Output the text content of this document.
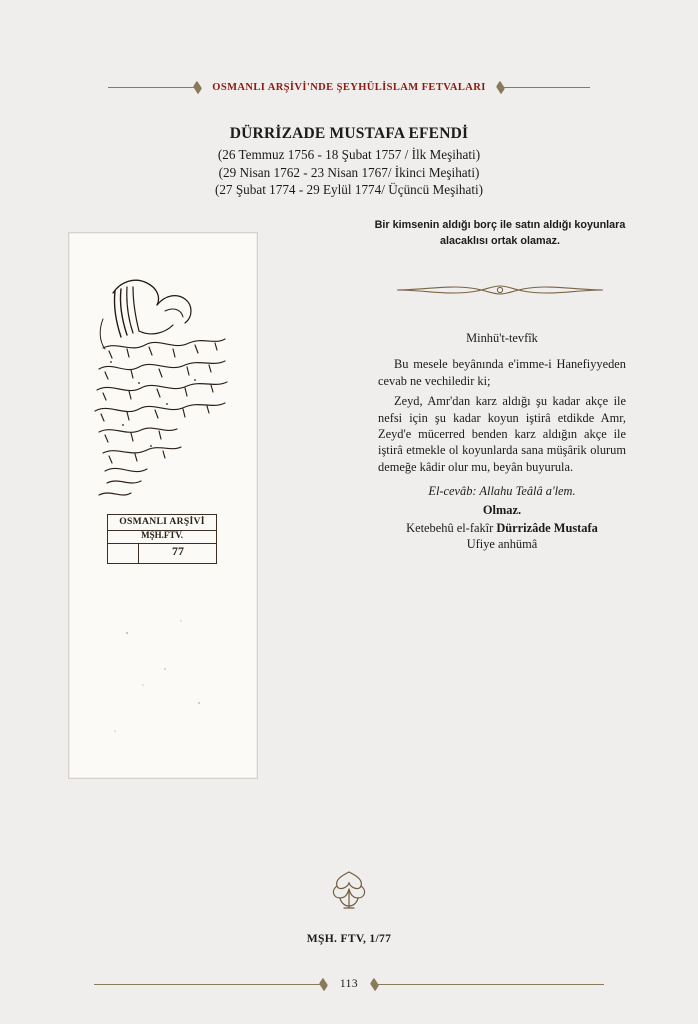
OSMANLI ARŞİVİ'NDE ŞEYHÜLİSLAM FETVALARI
DÜRRİZADE MUSTAFA EFENDİ
(26 Temmuz 1756 - 18 Şubat 1757 / İlk Meşihati)
(29 Nisan 1762 - 23 Nisan 1767/ İkinci Meşihati)
(27 Şubat 1774 - 29 Eylül 1774/ Üçüncü Meşihati)
Bir kimsenin aldığı borç ile satın aldığı koyunlara alacaklısı ortak olamaz.

Minhü't-tevfîk

Bu mesele beyânında e'imme-i Hanefiyyeden cevab ne vechiledir ki;

Zeyd, Amr'dan karz aldığı şu kadar akçe ile nefsi için şu kadar koyun iştirâ etdikde Amr, Zeyd'e mücerred benden karz aldığın akçe ile iştirâ etmekle ol koyunlarda sana müşârik olurum demeğe kâdir olur mu, beyân buyurula.

El-cevâb: Allahu Teâlâ a'lem.

Olmaz.

Ketebehû el-fakîr Dürrizâde Mustafa

Ufiye anhümâ

OSMANLI ARŞİVİ
MŞH.FTV.
77
MŞH. FTV, 1/77
113
